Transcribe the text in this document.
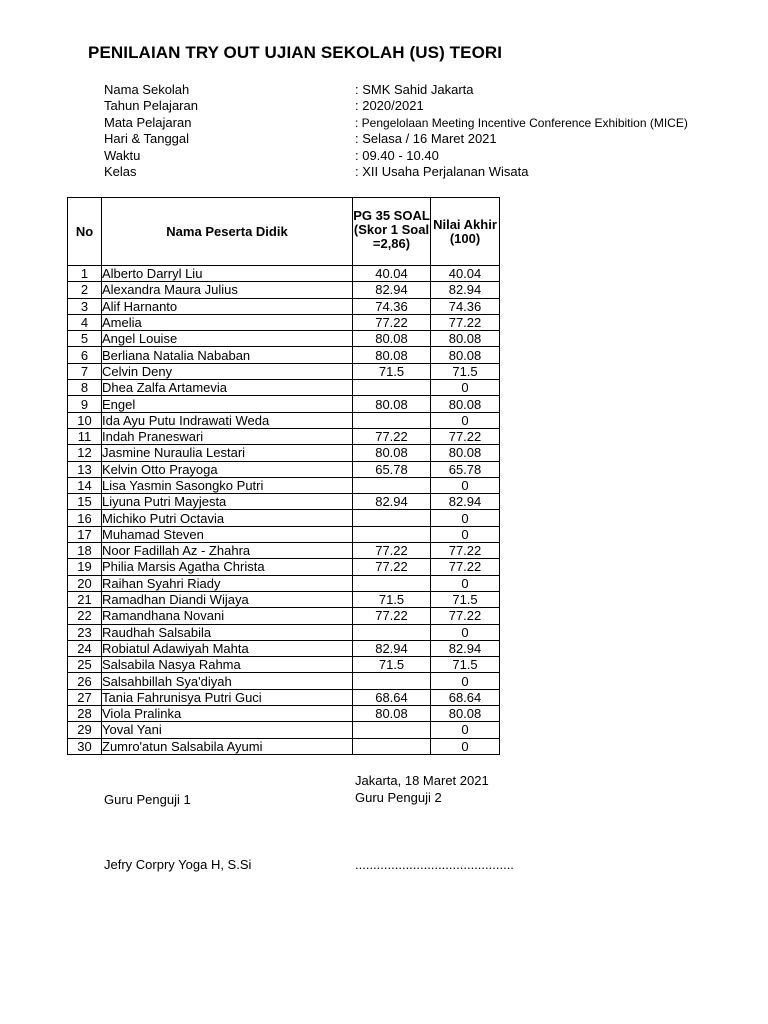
PENILAIAN TRY OUT UJIAN SEKOLAH (US) TEORI
Nama Sekolah	: SMK Sahid Jakarta
Tahun Pelajaran	: 2020/2021
Mata Pelajaran	: Pengelolaan Meeting Incentive Conference Exhibition (MICE)
Hari & Tanggal	: Selasa / 16 Maret 2021
Waktu	: 09.40 - 10.40
Kelas	: XII Usaha Perjalanan Wisata
No	Nama Peserta Didik	PG 35 SOAL (Skor 1 Soal =2,86)	Nilai Akhir (100)

1	Alberto Darryl Liu	40.04	40.04
2	Alexandra Maura Julius	82.94	82.94
3	Alif Harnanto	74.36	74.36
4	Amelia	77.22	77.22
5	Angel Louise	80.08	80.08
6	Berliana Natalia Nababan	80.08	80.08
7	Celvin Deny	71.5	71.5
8	Dhea Zalfa Artamevia		0
9	Engel	80.08	80.08
10	Ida Ayu Putu Indrawati Weda		0
11	Indah Praneswari	77.22	77.22
12	Jasmine Nuraulia Lestari	80.08	80.08
13	Kelvin Otto Prayoga	65.78	65.78
14	Lisa Yasmin Sasongko Putri		0
15	Liyuna Putri Mayjesta	82.94	82.94
16	Michiko Putri Octavia		0
17	Muhamad Steven		0
18	Noor Fadillah Az - Zhahra	77.22	77.22
19	Philia Marsis Agatha Christa	77.22	77.22
20	Raihan Syahri Riady		0
21	Ramadhan Diandi Wijaya	71.5	71.5
22	Ramandhana Novani	77.22	77.22
23	Raudhah Salsabila		0
24	Robiatul Adawiyah Mahta	82.94	82.94
25	Salsabila Nasya Rahma	71.5	71.5
26	Salsahbillah Sya'diyah		0
27	Tania Fahrunisya Putri Guci	68.64	68.64
28	Viola Pralinka	80.08	80.08
29	Yoval Yani		0
30	Zumro'atun Salsabila Ayumi		0
Jakarta, 18 Maret 2021
Guru Penguji 1	Guru Penguji 2
Jefry Corpry Yoga H, S.Si	............................................
